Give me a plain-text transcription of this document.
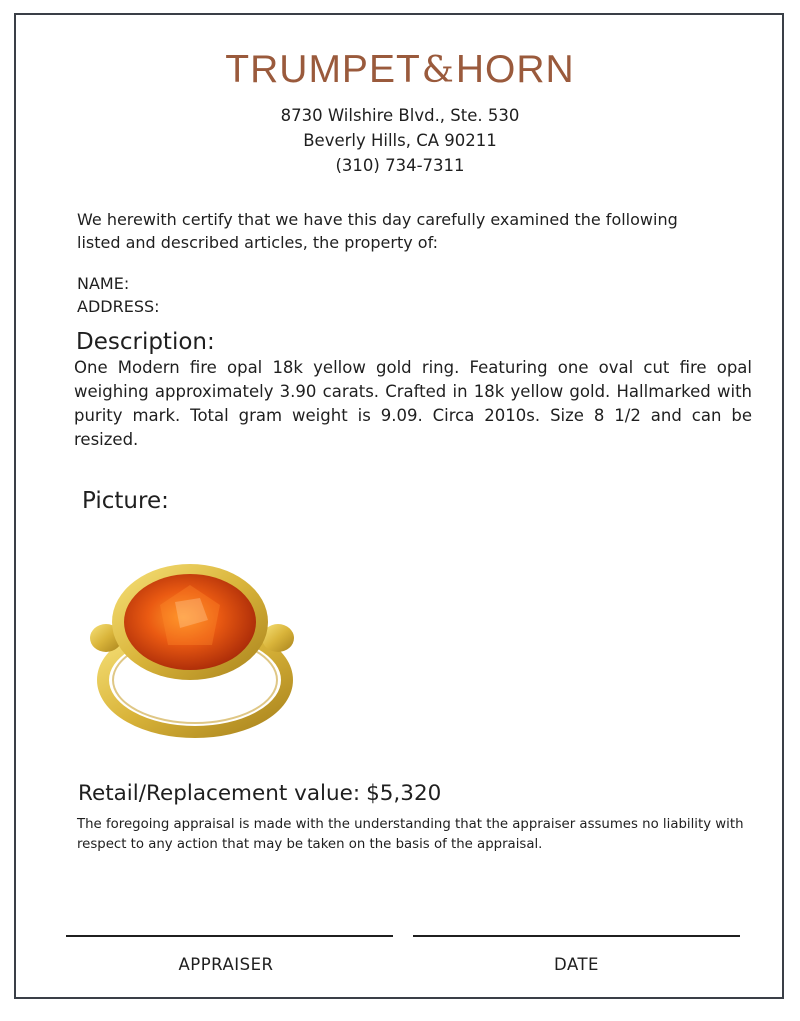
TRUMPET&HORN
8730 Wilshire Blvd., Ste. 530
Beverly Hills, CA 90211
(310) 734-7311
We herewith certify that we have this day carefully examined the following
listed and described articles, the property of:
NAME:
ADDRESS:
Description:
One Modern fire opal 18k yellow gold ring. Featuring one oval cut fire opal weighing approximately 3.90 carats. Crafted in 18k yellow gold. Hallmarked with purity mark. Total gram weight is 9.09. Circa 2010s. Size 8 1/2 and can be resized.
Picture:
Retail/Replacement value: $5,320
The foregoing appraisal is made with the understanding that the appraiser assumes no liability with respect to any action that may be taken on the basis of the appraisal.
APPRAISER	DATE
